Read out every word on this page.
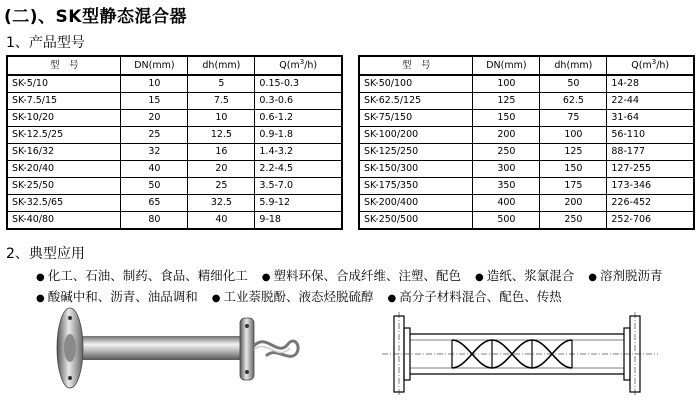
(二)、SK型静态混合器
1、产品型号
型　号	DN(mm)	dh(mm)	$Q(m^3/h)$
SK-5/10	10	5	0.15-0.3
SK-7.5/15	15	7.5	0.3-0.6
SK-10/20	20	10	0.6-1.2
SK-12.5/25	25	12.5	0.9-1.8
SK-16/32	32	16	1.4-3.2
SK-20/40	40	20	2.2-4.5
SK-25/50	50	25	3.5-7.0
SK-32.5/65	65	32.5	5.9-12
SK-40/80	80	40	9-18
型　号	DN(mm)	dh(mm)	$Q(m^3/h)$
SK-50/100	100	50	14-28
SK-62.5/125	125	62.5	22-44
SK-75/150	150	75	31-64
SK-100/200	200	100	56-110
SK-125/250	250	125	88-177
SK-150/300	300	150	127-255
SK-175/350	350	175	173-346
SK-200/400	400	200	226-452
SK-250/500	500	250	252-706
2、典型应用
● 化工、石油、制药、食品、精细化工 ● 塑料环保、合成纤维、注塑、配色 ● 造纸、浆氯混合 ● 溶剂脱沥青
● 酸碱中和、沥青、油品调和 ● 工业萘脱酚、液态烃脱硫醇 ● 高分子材料混合、配色、传热
